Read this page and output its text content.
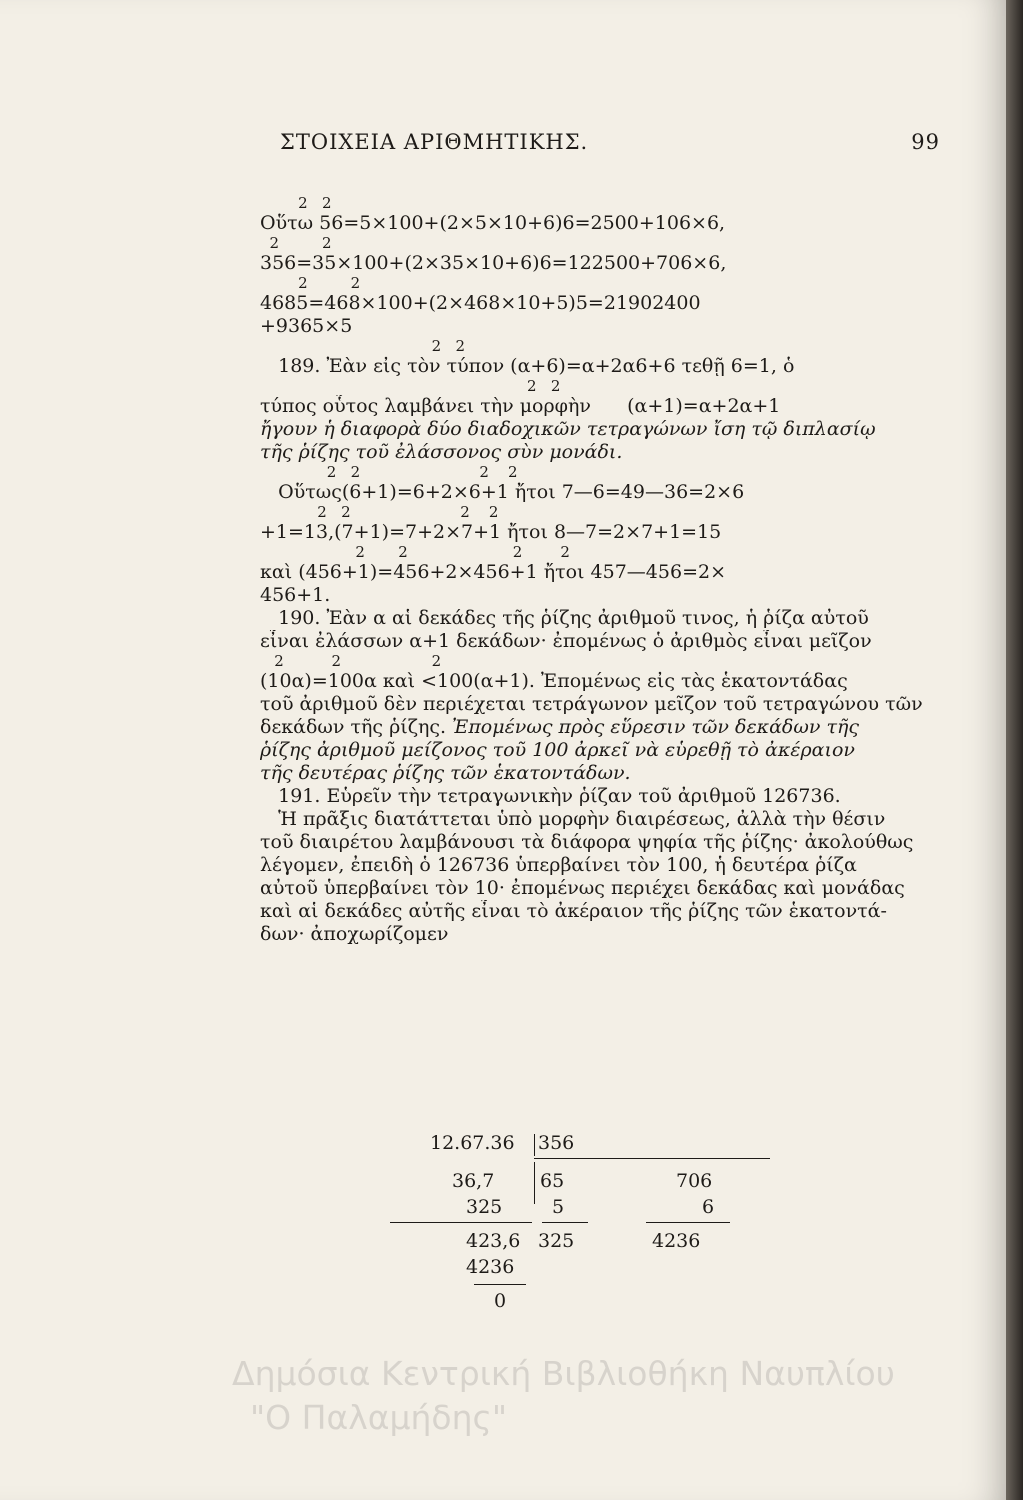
ΣΤΟΙΧΕΙΑ ΑΡΙΘΜΗΤΙΚΗΣ.	99
2   2
Οὕτω 56=5×100+(2×5×10+6)6=2500+106×6,
2         2
356=35×100+(2×35×10+6)6=122500+706×6,
2         2
4685=468×100+(2×468×10+5)5=21902400
+9365×5
2   2
189. Ἐὰν εἰς τὸν τύπον (α+6)=α+2α6+6 τεθῇ 6=1, ὁ
2   2
τύπος οὗτος λαμβάνει τὴν μορφὴν      (α+1)=α+2α+1
ἤγουν ἡ διαφορὰ δύο διαδοχικῶν τετραγώνων ἴση τῷ διπλασίῳ
τῆς ῥίζης τοῦ ἐλάσσονος σὺν μονάδι.
2   2                         2    2
Οὕτως(6+1)=6+2×6+1 ἤτοι 7—6=49—36=2×6
2   2                       2    2
+1=13,(7+1)=7+2×7+1 ἤτοι 8—7=2×7+1=15
2       2                      2        2
καὶ (456+1)=456+2×456+1 ἤτοι 457—456=2×
456+1.
190. Ἐὰν α αἱ δεκάδες τῆς ῥίζης ἀριθμοῦ τινος, ἡ ῥίζα αὐτοῦ
εἶναι ἐλάσσων α+1 δεκάδων· ἐπομένως ὁ ἀριθμὸς εἶναι μεῖζον
2          2                   2
(10α)=100α καὶ <100(α+1). Ἐπομένως εἰς τὰς ἑκατοντάδας
τοῦ ἀριθμοῦ δὲν περιέχεται τετράγωνον μεῖζον τοῦ τετραγώνου τῶν
δεκάδων τῆς ῥίζης. Ἐπομένως πρὸς εὕρεσιν τῶν δεκάδων τῆς
ῥίζης ἀριθμοῦ μείζονος τοῦ 100 ἀρκεῖ νὰ εὑρεθῇ τὸ ἀκέραιον
τῆς δευτέρας ῥίζης τῶν ἑκατοντάδων.
191. Εὑρεῖν τὴν τετραγωνικὴν ῥίζαν τοῦ ἀριθμοῦ 126736.
Ἡ πρᾶξις διατάττεται ὑπὸ μορφὴν διαιρέσεως, ἀλλὰ τὴν θέσιν
τοῦ διαιρέτου λαμβάνουσι τὰ διάφορα ψηφία τῆς ῥίζης· ἀκολούθως
λέγομεν, ἐπειδὴ ὁ 126736 ὑπερβαίνει τὸν 100, ἡ δευτέρα ῥίζα
αὐτοῦ ὑπερβαίνει τὸν 10· ἐπομένως περιέχει δεκάδας καὶ μονάδας
καὶ αἱ δεκάδες αὐτῆς εἶναι τὸ ἀκέραιον τῆς ῥίζης τῶν ἑκατοντά-
δων· ἀποχωρίζομεν
12.67.36 356
36,7 65	706
325	5	6
423,6 325	4236
4236
0
Δημόσια Κεντρική Βιβλιοθήκη Ναυπλίου
"Ο Παλαμήδης"
